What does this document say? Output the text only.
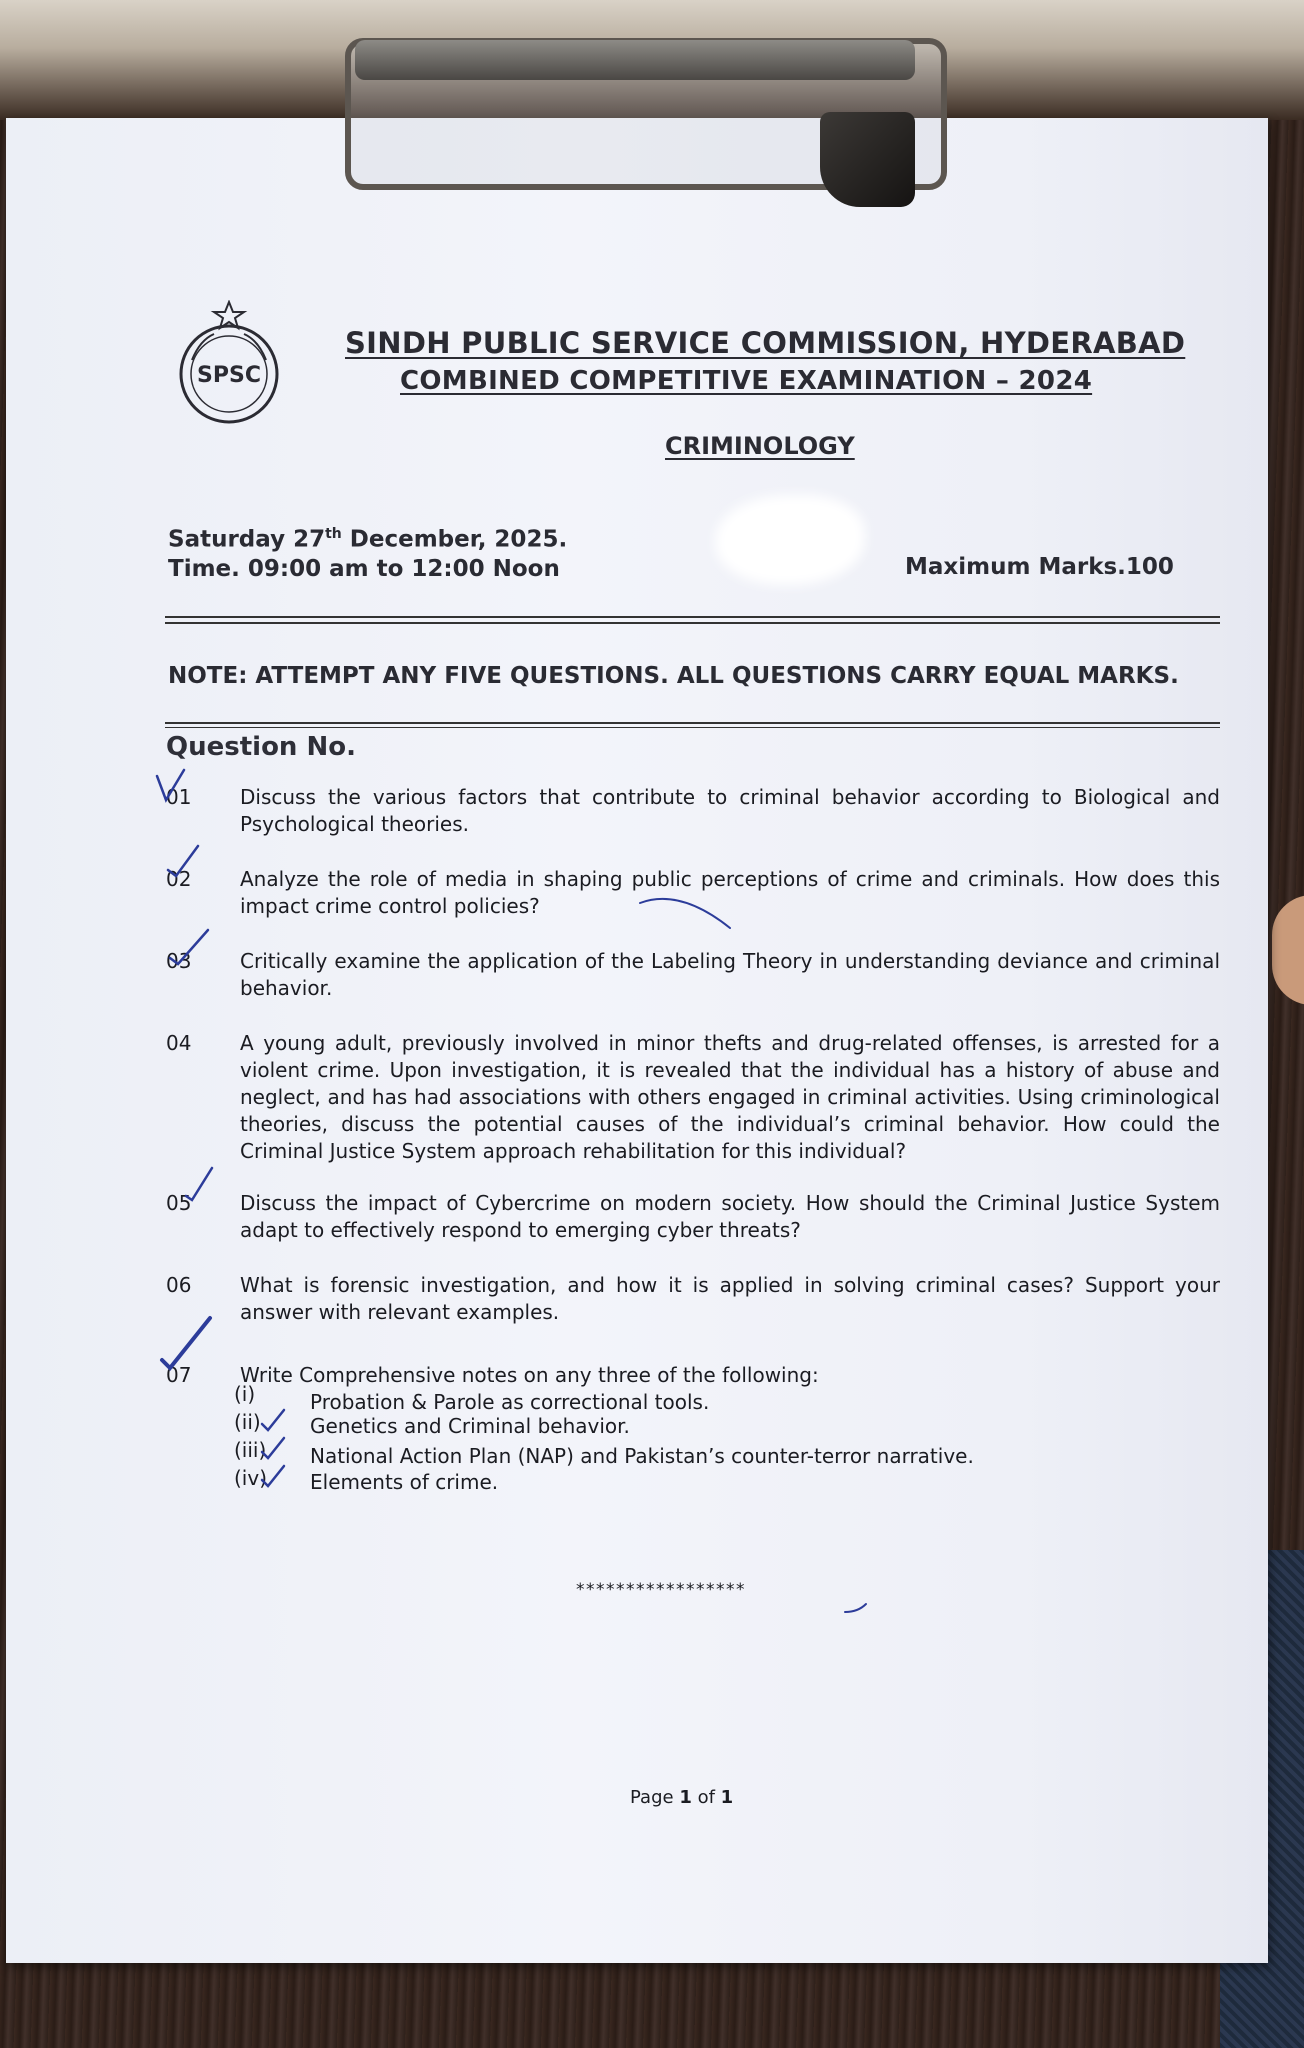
SPSC
SINDH PUBLIC SERVICE COMMISSION, HYDERABAD
COMBINED COMPETITIVE EXAMINATION – 2024
CRIMINOLOGY
Saturday 27th December, 2025.
Time. 09:00 am to 12:00 Noon	Maximum Marks.100
NOTE: ATTEMPT ANY FIVE QUESTIONS. ALL QUESTIONS CARRY EQUAL MARKS.
Question No.
01	Discuss the various factors that contribute to criminal behavior according to Biological and Psychological theories.
02	Analyze the role of media in shaping public perceptions of crime and criminals. How does this impact crime control policies?
03	Critically examine the application of the Labeling Theory in understanding deviance and criminal behavior.
04	A young adult, previously involved in minor thefts and drug-related offenses, is arrested for a violent crime. Upon investigation, it is revealed that the individual has a history of abuse and neglect, and has had associations with others engaged in criminal activities. Using criminological theories, discuss the potential causes of the individual’s criminal behavior. How could the Criminal Justice System approach rehabilitation for this individual?
05	Discuss the impact of Cybercrime on modern society. How should the Criminal Justice System adapt to effectively respond to emerging cyber threats?
06	What is forensic investigation, and how it is applied in solving criminal cases? Support your answer with relevant examples.
07	Write Comprehensive notes on any three of the following:
(i)	Probation & Parole as correctional tools.
(ii) Genetics and Criminal behavior.
(iii) National Action Plan (NAP) and Pakistan’s counter-terror narrative.
(iv) Elements of crime.
*****************
Page 1 of 1
